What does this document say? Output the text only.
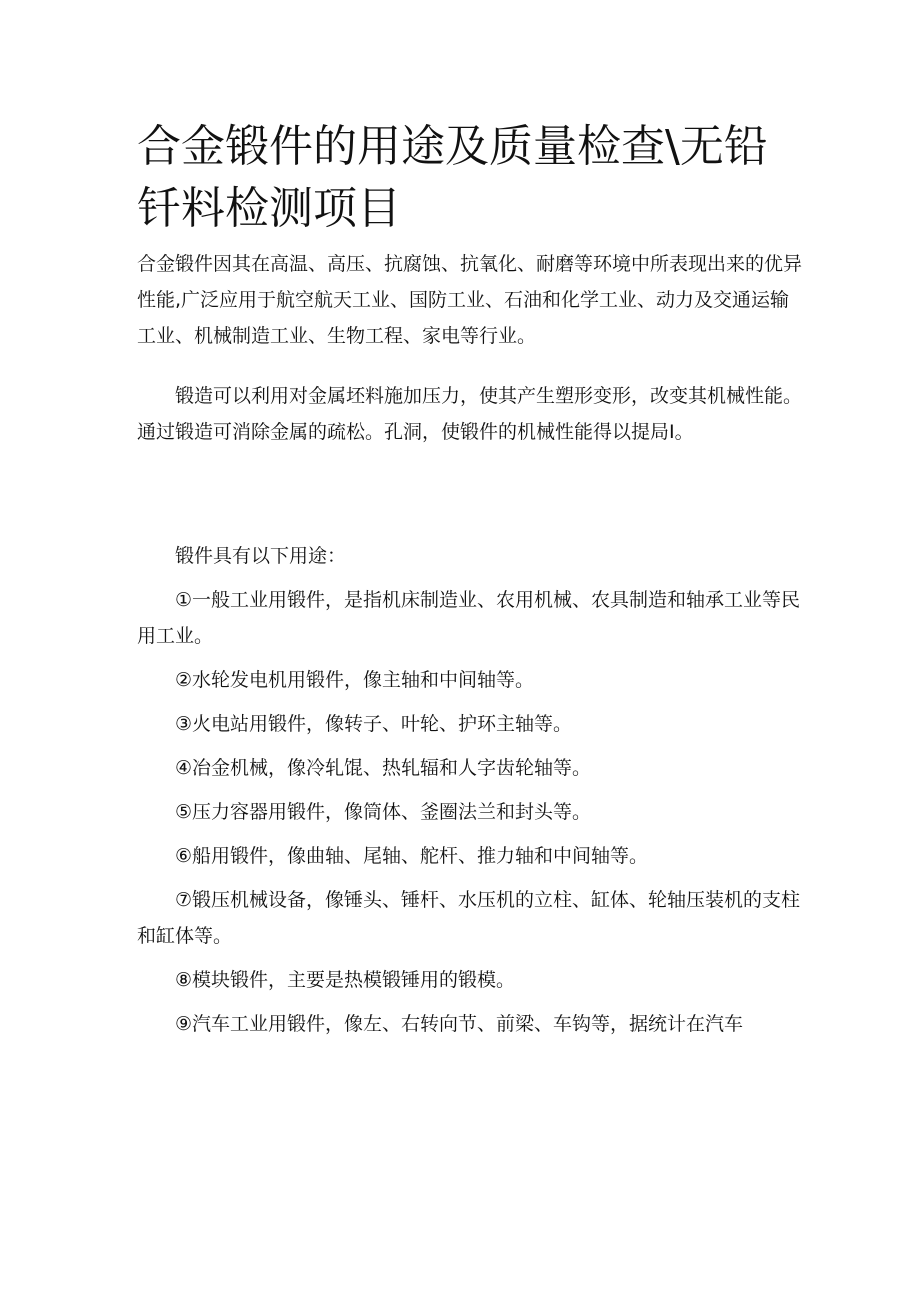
合金锻件的用途及质量检查\无铅钎料检测项目

合金锻件因其在高温、高压、抗腐蚀、抗氧化、耐磨等环境中所表现出来的优异性能,广泛应用于航空航天工业、国防工业、石油和化学工业、动力及交通运输工业、机械制造工业、生物工程、家电等行业。

锻造可以利用对金属坯料施加压力，使其产生塑形变形，改变其机械性能。通过锻造可消除金属的疏松。孔洞，使锻件的机械性能得以提局I。

锻件具有以下用途：

①一般工业用锻件，是指机床制造业、农用机械、农具制造和轴承工业等民用工业。

②水轮发电机用锻件，像主轴和中间轴等。

③火电站用锻件，像转子、叶轮、护环主轴等。

④冶金机械，像冷轧馄、热轧辐和人字齿轮轴等。

⑤压力容器用锻件，像筒体、釜圈法兰和封头等。

⑥船用锻件，像曲轴、尾轴、舵杆、推力轴和中间轴等。

⑦锻压机械设备，像锤头、锤杆、水压机的立柱、缸体、轮轴压装机的支柱和缸体等。

⑧模块锻件，主要是热模锻锤用的锻模。

⑨汽车工业用锻件，像左、右转向节、前梁、车钩等，据统计在汽车
